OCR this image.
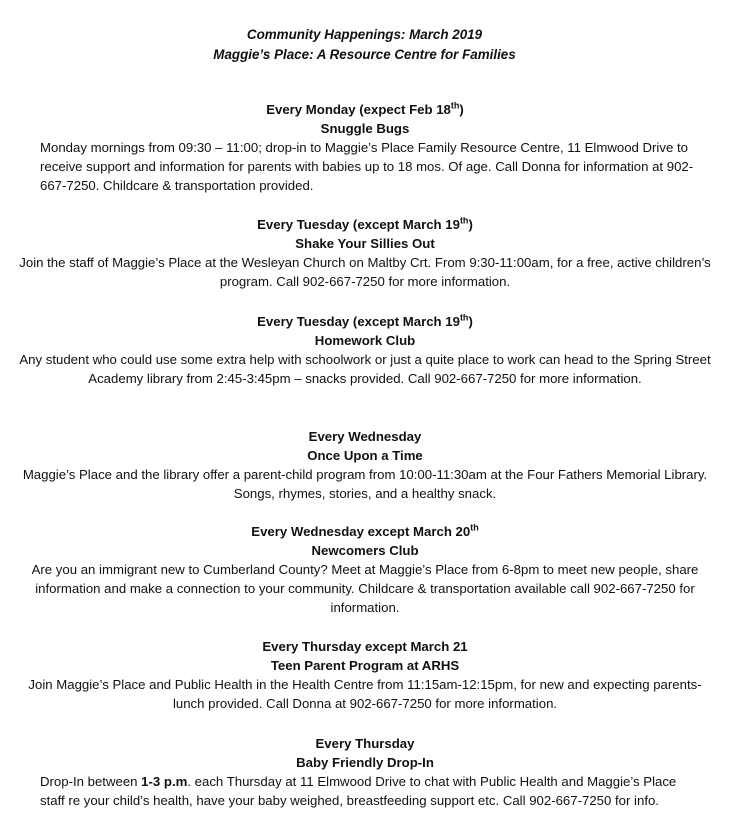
Community Happenings: March 2019
Maggie’s Place: A Resource Centre for Families
Every Monday (expect Feb 18th)
Snuggle Bugs

Monday mornings from 09:30 – 11:00; drop-in to Maggie’s Place Family Resource Centre, 11 Elmwood Drive to receive support and information for parents with babies up to 18 mos. Of age. Call Donna for information at 902-667-7250. Childcare & transportation provided.

Every Tuesday (except March 19th)
Shake Your Sillies Out

Join the staff of Maggie’s Place at the Wesleyan Church on Maltby Crt. From 9:30-11:00am, for a free, active children’s program. Call 902-667-7250 for more information.

Every Tuesday (except March 19th)
Homework Club

Any student who could use some extra help with schoolwork or just a quite place to work can head to the Spring Street Academy library from 2:45-3:45pm – snacks provided. Call 902-667-7250 for more information.

Every Wednesday
Once Upon a Time

Maggie’s Place and the library offer a parent-child program from 10:00-11:30am at the Four Fathers Memorial Library. Songs, rhymes, stories, and a healthy snack.

Every Wednesday except March 20th
Newcomers Club

Are you an immigrant new to Cumberland County? Meet at Maggie’s Place from 6-8pm to meet new people, share information and make a connection to your community. Childcare & transportation available call 902-667-7250 for information.

Every Thursday except March 21
Teen Parent Program at ARHS

Join Maggie’s Place and Public Health in the Health Centre from 11:15am-12:15pm, for new and expecting parents- lunch provided. Call Donna at 902-667-7250 for more information.

Every Thursday
Baby Friendly Drop-In

Drop-In between 1-3 p.m. each Thursday at 11 Elmwood Drive to chat with Public Health and Maggie’s Place staff re your child’s health, have your baby weighed, breastfeeding support etc. Call 902-667-7250 for info.
